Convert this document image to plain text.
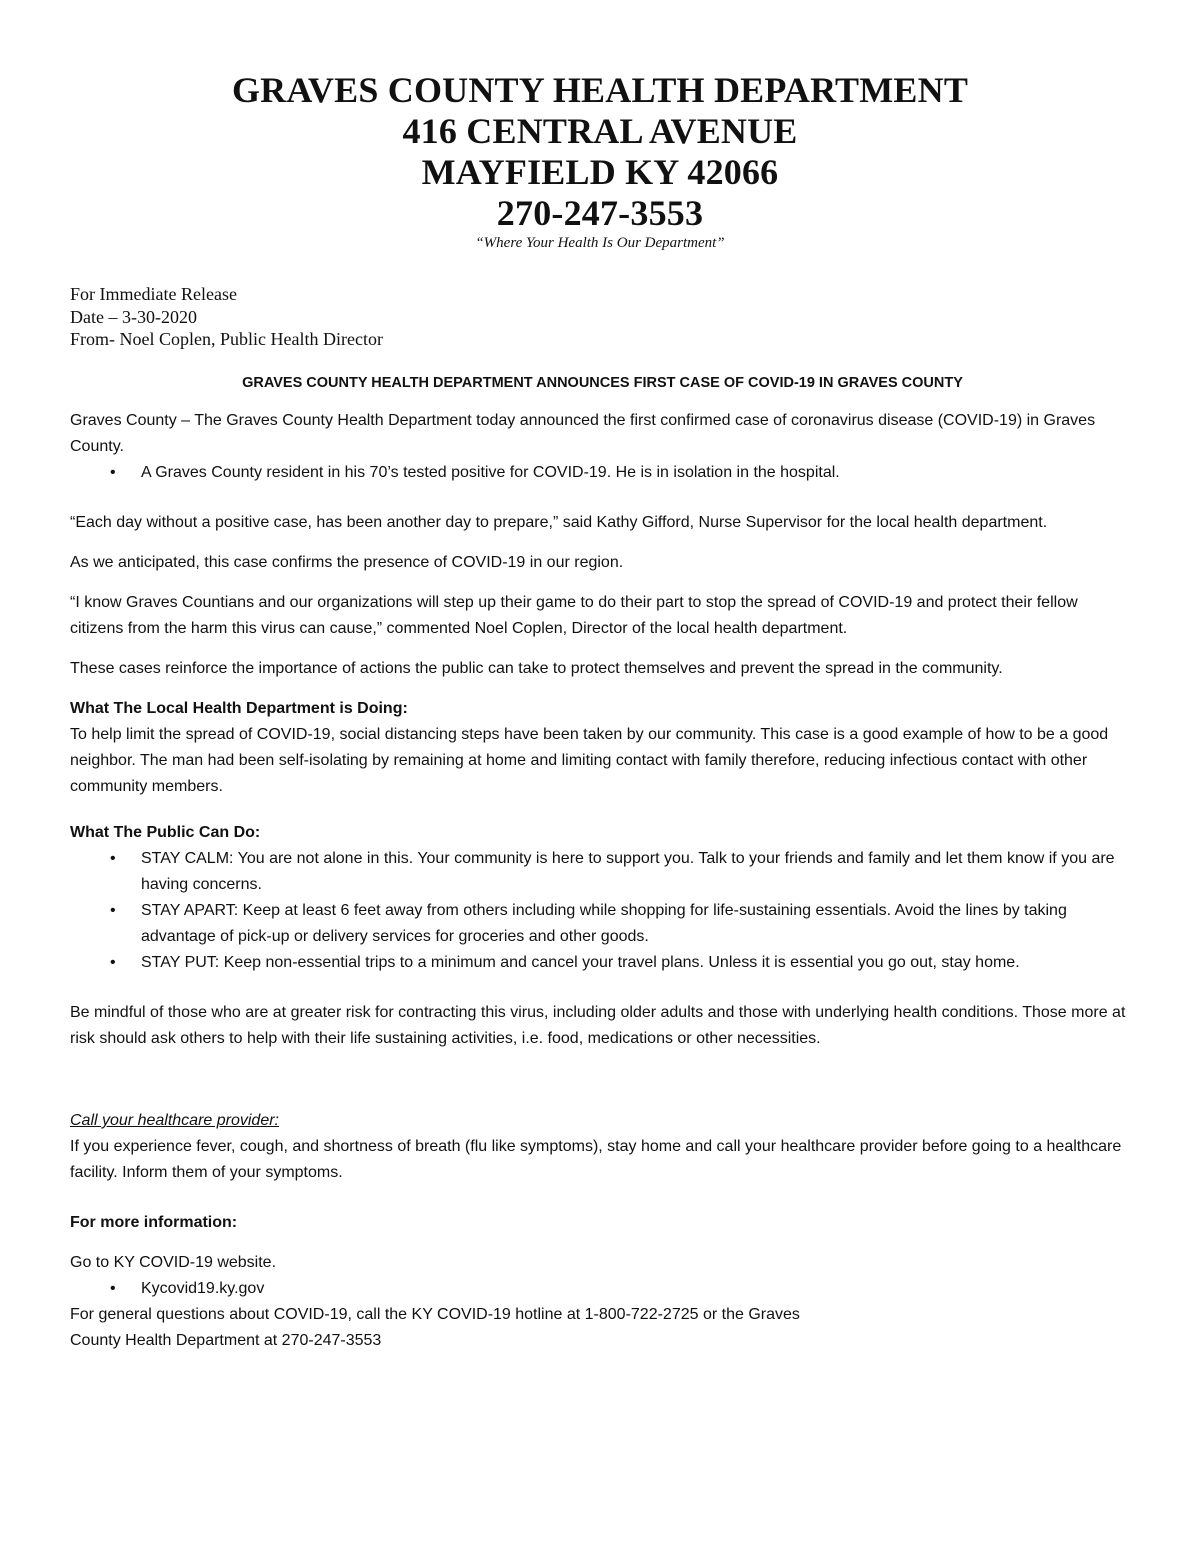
GRAVES COUNTY HEALTH DEPARTMENT
416 CENTRAL AVENUE
MAYFIELD KY 42066
270-247-3553
“Where Your Health Is Our Department”
For Immediate Release
Date – 3-30-2020
From- Noel Coplen, Public Health Director
GRAVES COUNTY HEALTH DEPARTMENT ANNOUNCES FIRST CASE OF COVID-19 IN GRAVES COUNTY

Graves County – The Graves County Health Department today announced the first confirmed case of coronavirus disease (COVID-19) in Graves County.

• A Graves County resident in his 70’s tested positive for COVID-19. He is in isolation in the hospital.

“Each day without a positive case, has been another day to prepare,” said Kathy Gifford, Nurse Supervisor for the local health department.

As we anticipated, this case confirms the presence of COVID-19 in our region.

“I know Graves Countians and our organizations will step up their game to do their part to stop the spread of COVID-19 and protect their fellow citizens from the harm this virus can cause,” commented Noel Coplen, Director of the local health department.

These cases reinforce the importance of actions the public can take to protect themselves and prevent the spread in the community.

What The Local Health Department is Doing:

To help limit the spread of COVID-19, social distancing steps have been taken by our community. This case is a good example of how to be a good neighbor. The man had been self-isolating by remaining at home and limiting contact with family therefore, reducing infectious contact with other community members.

What The Public Can Do:

• STAY CALM: You are not alone in this. Your community is here to support you. Talk to your friends and family and let them know if you are having concerns.
• STAY APART: Keep at least 6 feet away from others including while shopping for life-sustaining essentials. Avoid the lines by taking advantage of pick-up or delivery services for groceries and other goods.
• STAY PUT: Keep non-essential trips to a minimum and cancel your travel plans. Unless it is essential you go out, stay home.

Be mindful of those who are at greater risk for contracting this virus, including older adults and those with underlying health conditions. Those more at risk should ask others to help with their life sustaining activities, i.e. food, medications or other necessities.

Call your healthcare provider:

If you experience fever, cough, and shortness of breath (flu like symptoms), stay home and call your healthcare provider before going to a healthcare facility. Inform them of your symptoms.

For more information:

Go to KY COVID-19 website.

• Kycovid19.ky.gov

For general questions about COVID-19, call the KY COVID-19 hotline at 1-800-722-2725 or the Graves

County Health Department at 270-247-3553
